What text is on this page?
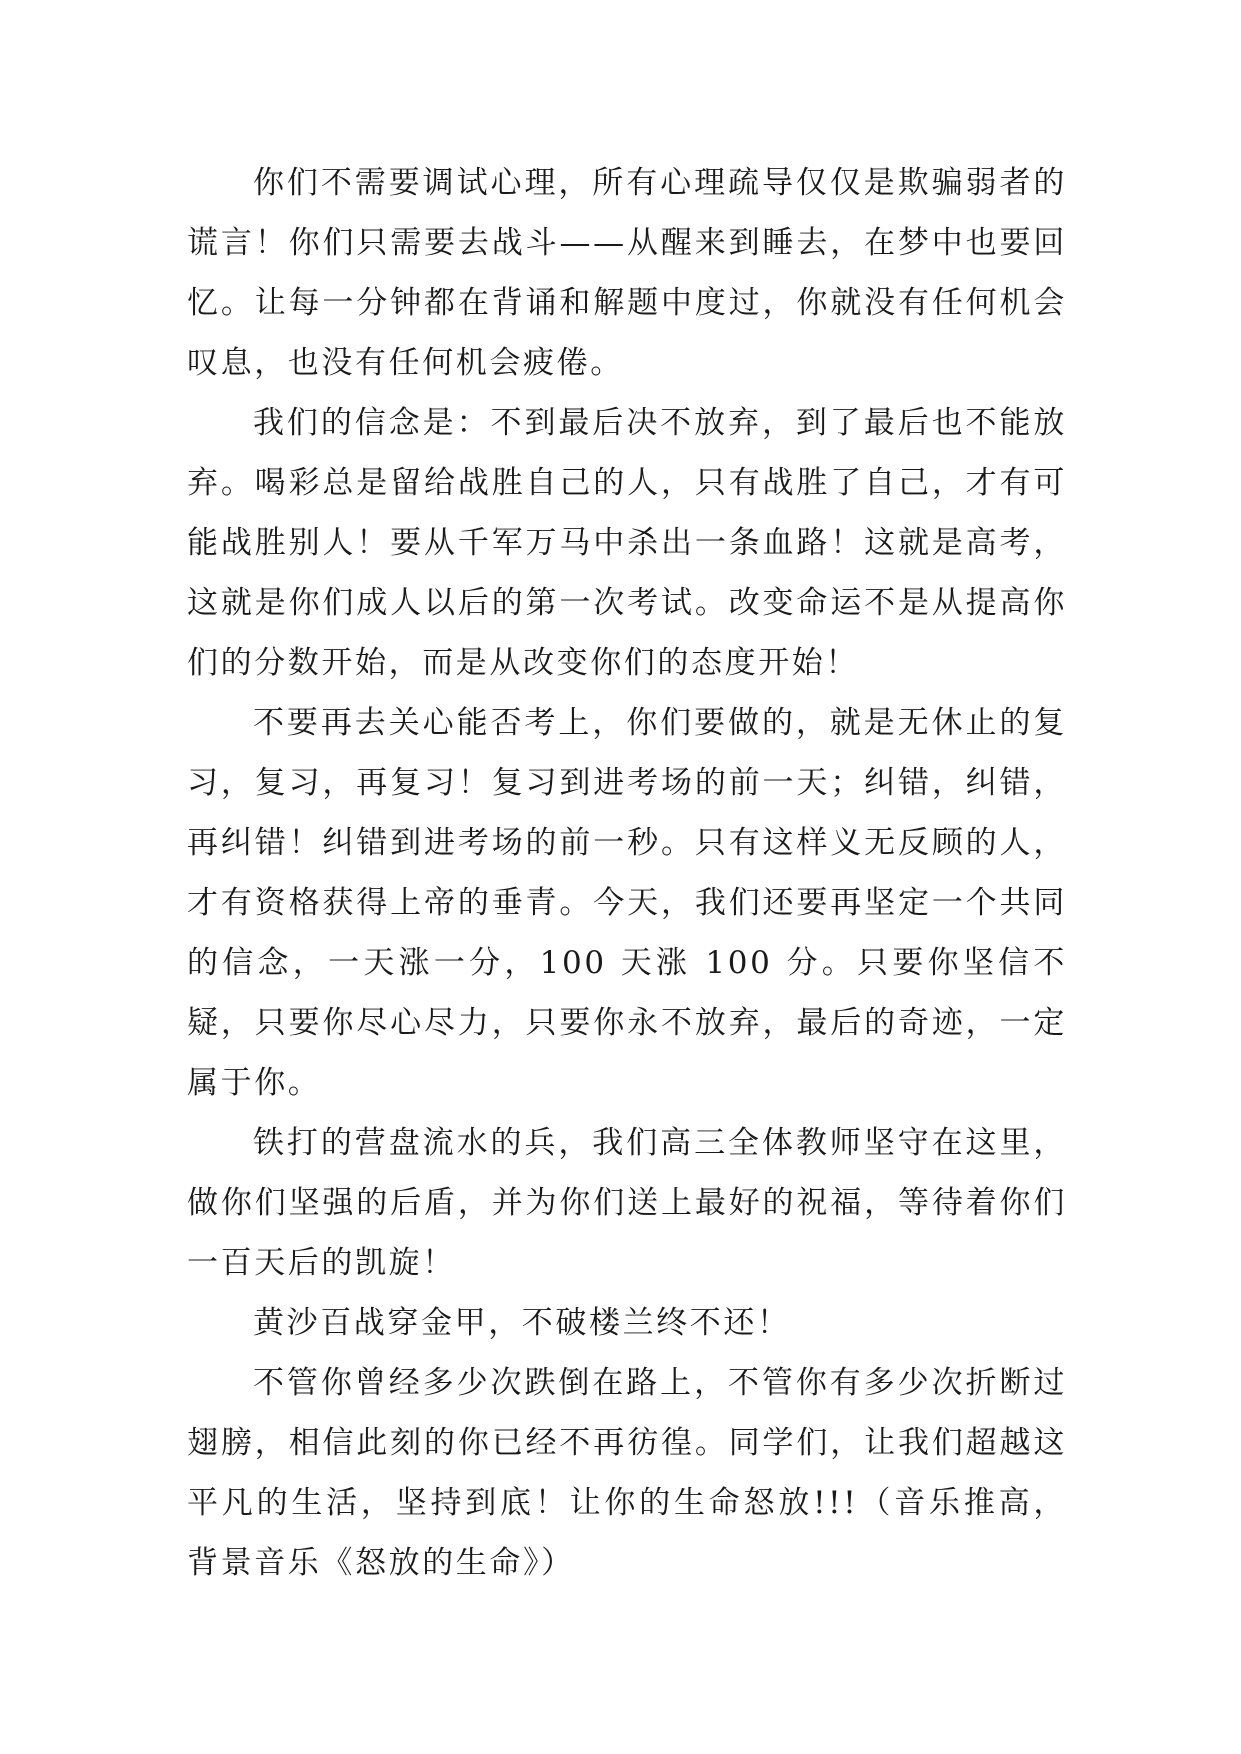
你们不需要调试心理，所有心理疏导仅仅是欺骗弱者的谎言！你们只需要去战斗——从醒来到睡去，在梦中也要回忆。让每一分钟都在背诵和解题中度过，你就没有任何机会叹息，也没有任何机会疲倦。

我们的信念是：不到最后决不放弃，到了最后也不能放弃。喝彩总是留给战胜自己的人，只有战胜了自己，才有可能战胜别人！要从千军万马中杀出一条血路！这就是高考，这就是你们成人以后的第一次考试。改变命运不是从提高你们的分数开始，而是从改变你们的态度开始！

不要再去关心能否考上，你们要做的，就是无休止的复习，复习，再复习！复习到进考场的前一天；纠错，纠错，再纠错！纠错到进考场的前一秒。只有这样义无反顾的人，才有资格获得上帝的垂青。今天，我们还要再坚定一个共同的信念，一天涨一分，100 天涨 100 分。只要你坚信不疑，只要你尽心尽力，只要你永不放弃，最后的奇迹，一定属于你。

铁打的营盘流水的兵，我们高三全体教师坚守在这里，做你们坚强的后盾，并为你们送上最好的祝福，等待着你们一百天后的凯旋！

黄沙百战穿金甲，不破楼兰终不还！

不管你曾经多少次跌倒在路上，不管你有多少次折断过翅膀，相信此刻的你已经不再彷徨。同学们，让我们超越这平凡的生活，坚持到底！让你的生命怒放!!!（音乐推高，背景音乐《怒放的生命》）
